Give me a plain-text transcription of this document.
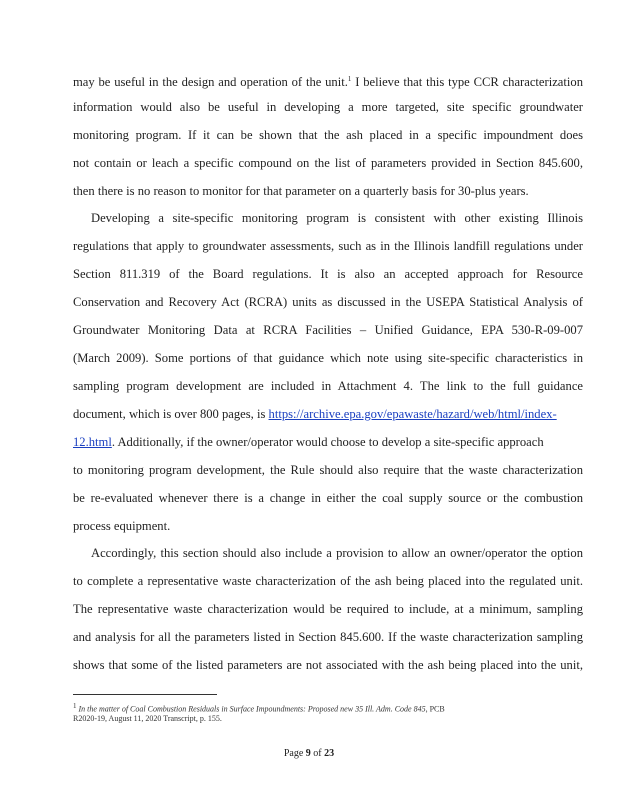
may be useful in the design and operation of the unit.$^1$ I believe that this type CCR characterization
information would also be useful in developing a more targeted, site specific groundwater
monitoring program. If it can be shown that the ash placed in a specific impoundment does
not contain or leach a specific compound on the list of parameters provided in Section 845.600,
then there is no reason to monitor for that parameter on a quarterly basis for 30-plus years.
Developing a site-specific monitoring program is consistent with other existing Illinois
regulations that apply to groundwater assessments, such as in the Illinois landfill regulations under
Section 811.319 of the Board regulations. It is also an accepted approach for Resource
Conservation and Recovery Act (RCRA) units as discussed in the USEPA Statistical Analysis of
Groundwater Monitoring Data at RCRA Facilities – Unified Guidance, EPA 530-R-09-007
(March 2009). Some portions of that guidance which note using site-specific characteristics in
sampling program development are included in Attachment 4. The link to the full guidance
document, which is over 800 pages, is https://archive.epa.gov/epawaste/hazard/web/html/index-
12.html. Additionally, if the owner/operator would choose to develop a site-specific approach
to monitoring program development, the Rule should also require that the waste characterization
be re-evaluated whenever there is a change in either the coal supply source or the combustion
process equipment.
Accordingly, this section should also include a provision to allow an owner/operator the option
to complete a representative waste characterization of the ash being placed into the regulated unit.
The representative waste characterization would be required to include, at a minimum, sampling
and analysis for all the parameters listed in Section 845.600. If the waste characterization sampling
shows that some of the listed parameters are not associated with the ash being placed into the unit,
1 In the matter of Coal Combustion Residuals in Surface Impoundments: Proposed new 35 Ill. Adm. Code 845, PCB
R2020-19, August 11, 2020 Transcript, p. 155.
Page 9 of 23
